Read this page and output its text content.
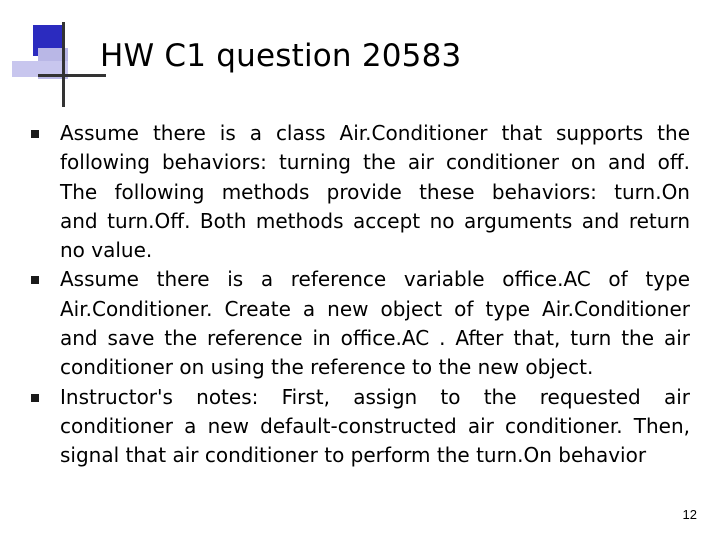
HW C1 question 20583
Assume there is a class Air.Conditioner that supports the
following behaviors: turning the air conditioner on and off.
The following methods provide these behaviors: turn.On
and turn.Off. Both methods accept no arguments and return
no value.
Assume there is a reference variable office.AC of type
Air.Conditioner. Create a new object of type Air.Conditioner
and save the reference in office.AC . After that, turn the air
conditioner on using the reference to the new object.
Instructor's notes: First, assign to the requested air
conditioner a new default-constructed air conditioner. Then,
signal that air conditioner to perform the turn.On behavior
12
